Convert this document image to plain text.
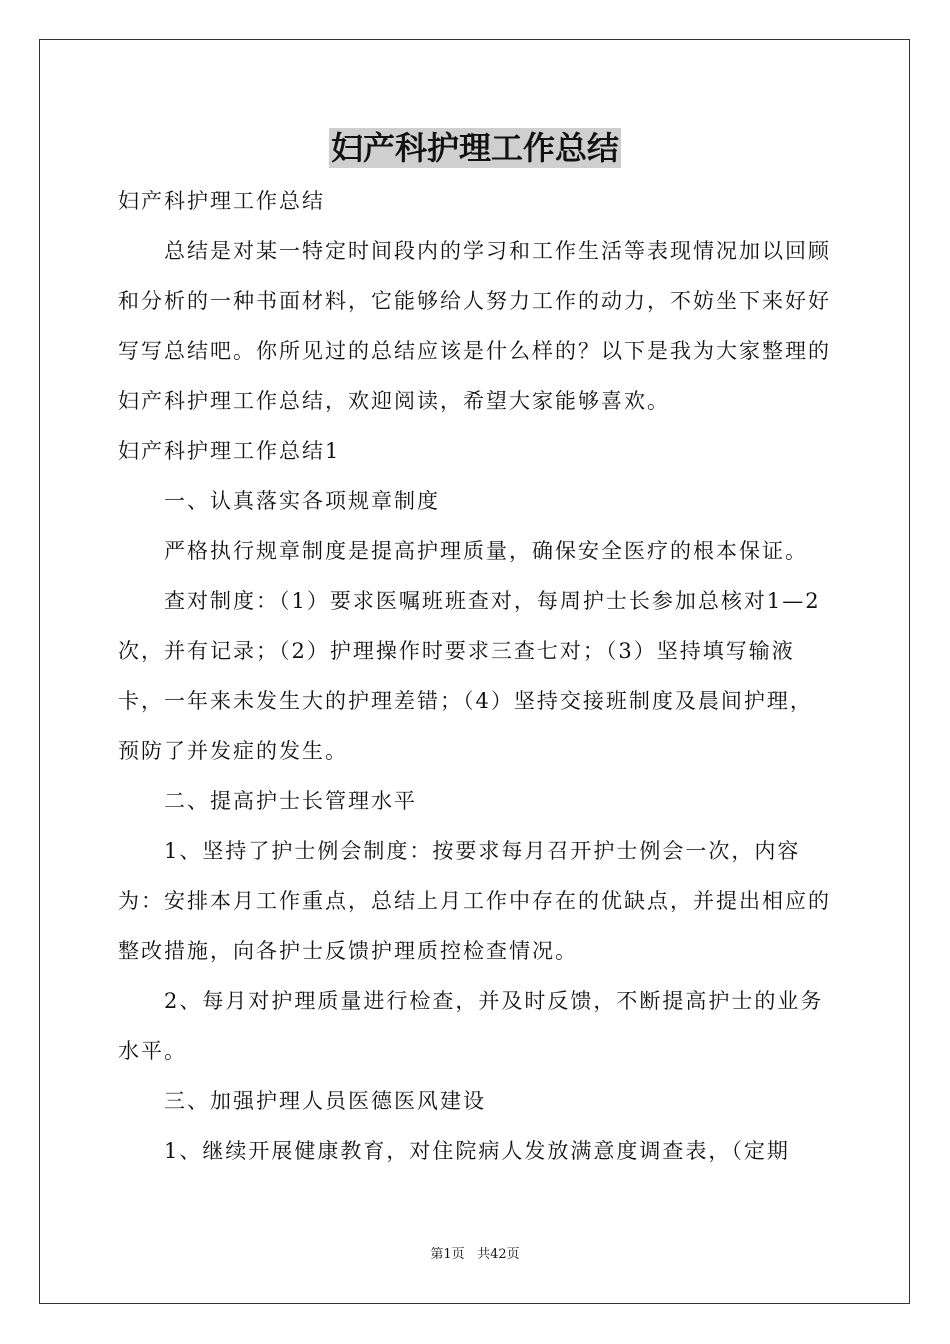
妇产科护理工作总结

妇产科护理工作总结

总结是对某一特定时间段内的学习和工作生活等表现情况加以回顾和分析的一种书面材料，它能够给人努力工作的动力，不妨坐下来好好写写总结吧。你所见过的总结应该是什么样的？以下是我为大家整理的妇产科护理工作总结，欢迎阅读，希望大家能够喜欢。

妇产科护理工作总结1

一、认真落实各项规章制度

严格执行规章制度是提高护理质量，确保安全医疗的根本保证。

查对制度：（1）要求医嘱班班查对，每周护士长参加总核对1—2次，并有记录；（2）护理操作时要求三查七对；（3）坚持填写输液卡，一年来未发生大的护理差错；（4）坚持交接班制度及晨间护理，预防了并发症的发生。

二、提高护士长管理水平

1、坚持了护士例会制度：按要求每月召开护士例会一次，内容为：安排本月工作重点，总结上月工作中存在的优缺点，并提出相应的整改措施，向各护士反馈护理质控检查情况。

2、每月对护理质量进行检查，并及时反馈，不断提高护士的业务水平。

三、加强护理人员医德医风建设

1、继续开展健康教育，对住院病人发放满意度调查表，（定期

第1页 共42页
